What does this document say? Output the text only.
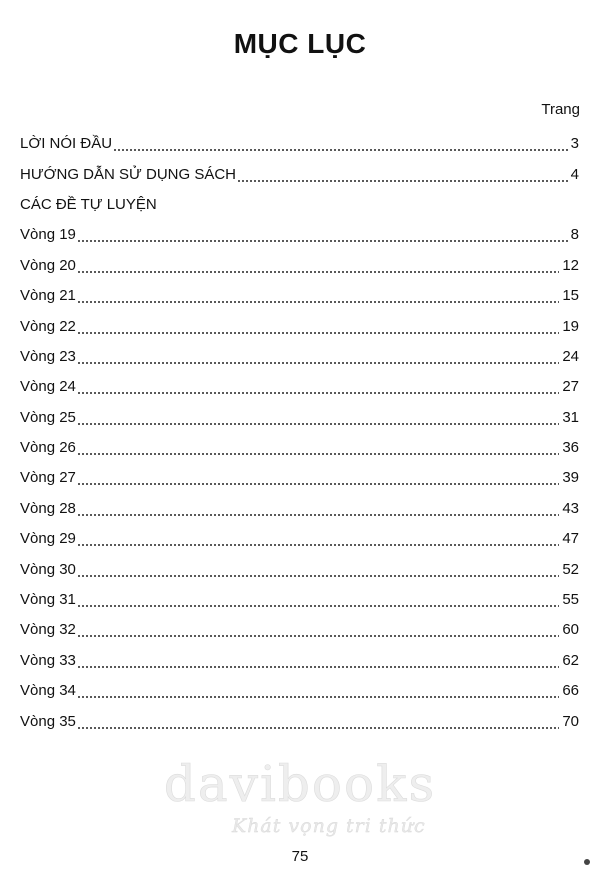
MỤC LỤC
Trang
LỜI NÓI ĐẦU	3
HƯỚNG DẪN SỬ DỤNG SÁCH	4
CÁC ĐỀ TỰ LUYỆN
Vòng 19	8
Vòng 20	12
Vòng 21	15
Vòng 22	19
Vòng 23	24
Vòng 24	27
Vòng 25	31
Vòng 26	36
Vòng 27	39
Vòng 28	43
Vòng 29	47
Vòng 30	52
Vòng 31	55
Vòng 32	60
Vòng 33	62
Vòng 34	66
Vòng 35	70
davibooks
Khát vọng tri thức
75
